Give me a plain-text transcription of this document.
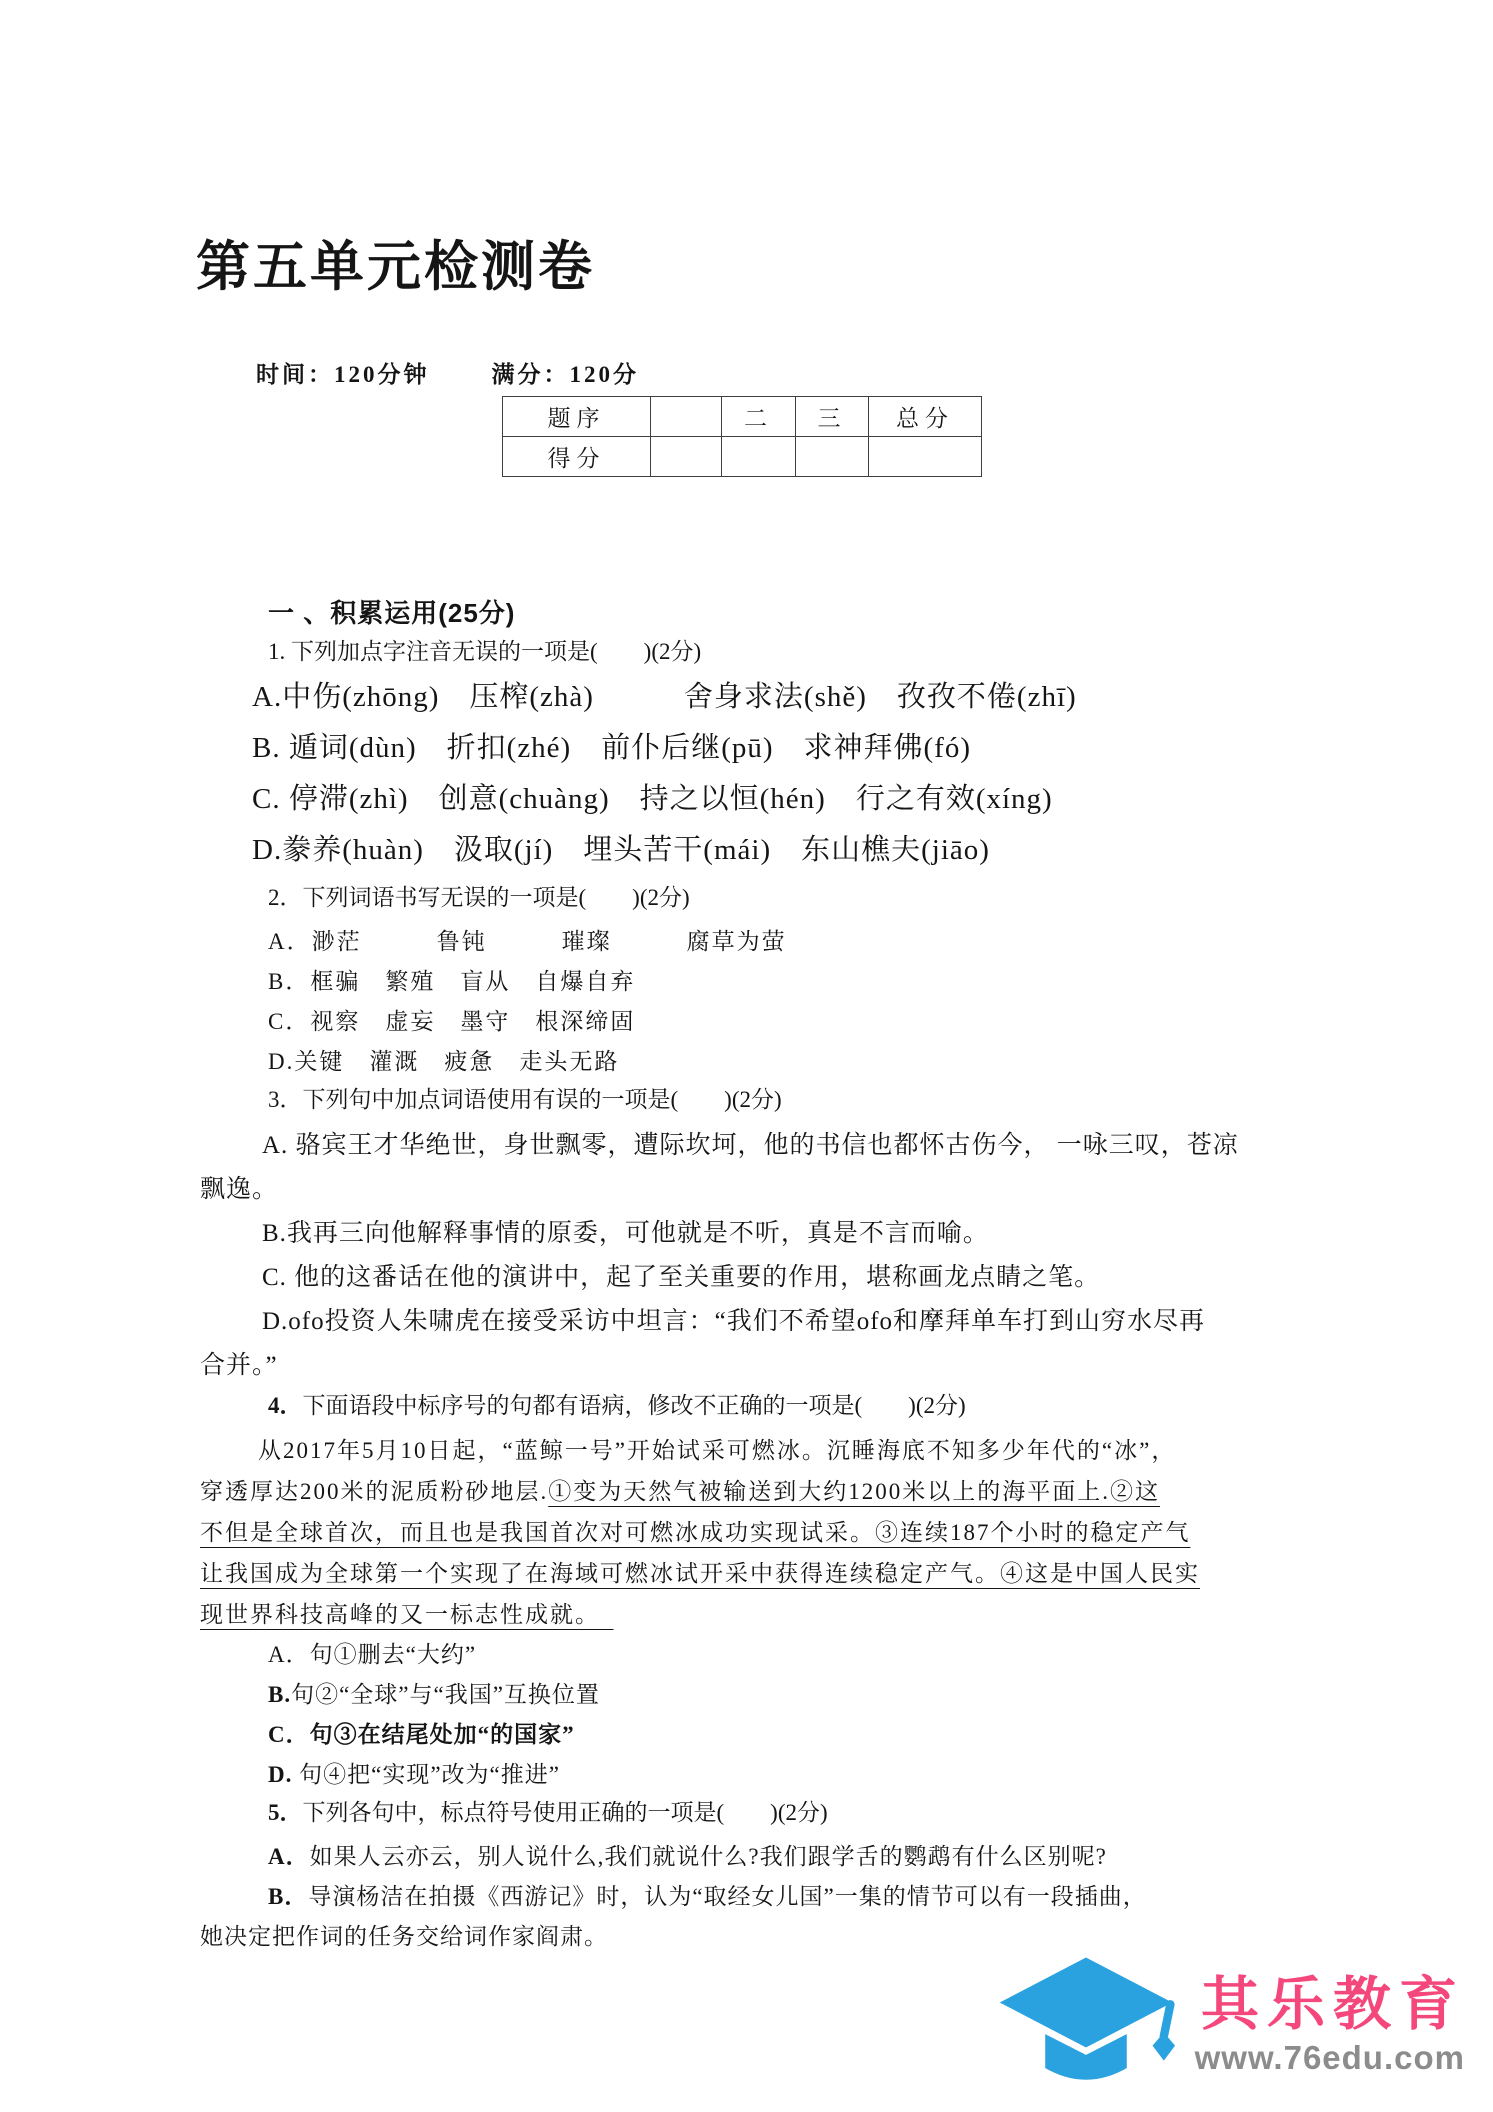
第五单元检测卷
时间：120分钟	满分：120分
题序		二	三	总分
得分				
一 、积累运用(25分)
1. 下列加点字注音无误的一项是(　　)(2分)
A.中伤(zhōng)　压榨(zhà)　　　舍身求法(shě)　孜孜不倦(zhī)
B. 遁词(dùn)　折扣(zhé)　前仆后继(pū)　求神拜佛(fó)
C. 停滞(zhì)　创意(chuàng)　持之以恒(hén)　行之有效(xíng)
D.豢养(huàn)　汲取(jí)　埋头苦干(mái)　东山樵夫(jiāo)
2．下列词语书写无误的一项是(　　)(2分)
A．渺茫　　　鲁钝　　　璀璨　　　腐草为萤
B．框骗　繁殖　盲从　自爆自弃
C．视察　虚妄　墨守　根深缔固
D.关键　灌溉　疲惫　走头无路
3．下列句中加点词语使用有误的一项是(　　)(2分)
A. 骆宾王才华绝世，身世飘零，遭际坎坷，他的书信也都怀古伤今， 一咏三叹，苍凉
飘逸。
B.我再三向他解释事情的原委，可他就是不听，真是不言而喻。
C. 他的这番话在他的演讲中，起了至关重要的作用，堪称画龙点睛之笔。
D.ofo投资人朱啸虎在接受采访中坦言：“我们不希望ofo和摩拜单车打到山穷水尽再
合并。”
4．下面语段中标序号的句都有语病，修改不正确的一项是(　　)(2分)
从2017年5月10日起，“蓝鲸一号”开始试采可燃冰。沉睡海底不知多少年代的“冰”，
穿透厚达200米的泥质粉砂地层.①变为天然气被输送到大约1200米以上的海平面上.②这
不但是全球首次，而且也是我国首次对可燃冰成功实现试采。③连续187个小时的稳定产气
让我国成为全球第一个实现了在海域可燃冰试开采中获得连续稳定产气。④这是中国人民实
现世界科技高峰的又一标志性成就。　
A．句①删去“大约”
B.句②“全球”与“我国”互换位置
C．句③在结尾处加“的国家”
D. 句④把“实现”改为“推进”
5．下列各句中，标点符号使用正确的一项是(　　)(2分)
A．如果人云亦云，别人说什么,我们就说什么?我们跟学舌的鹦鹉有什么区别呢?
B．导演杨洁在拍摄《西游记》时，认为“取经女儿国”一集的情节可以有一段插曲，
她决定把作词的任务交给词作家阎肃。
其乐教育
www.76edu.com
